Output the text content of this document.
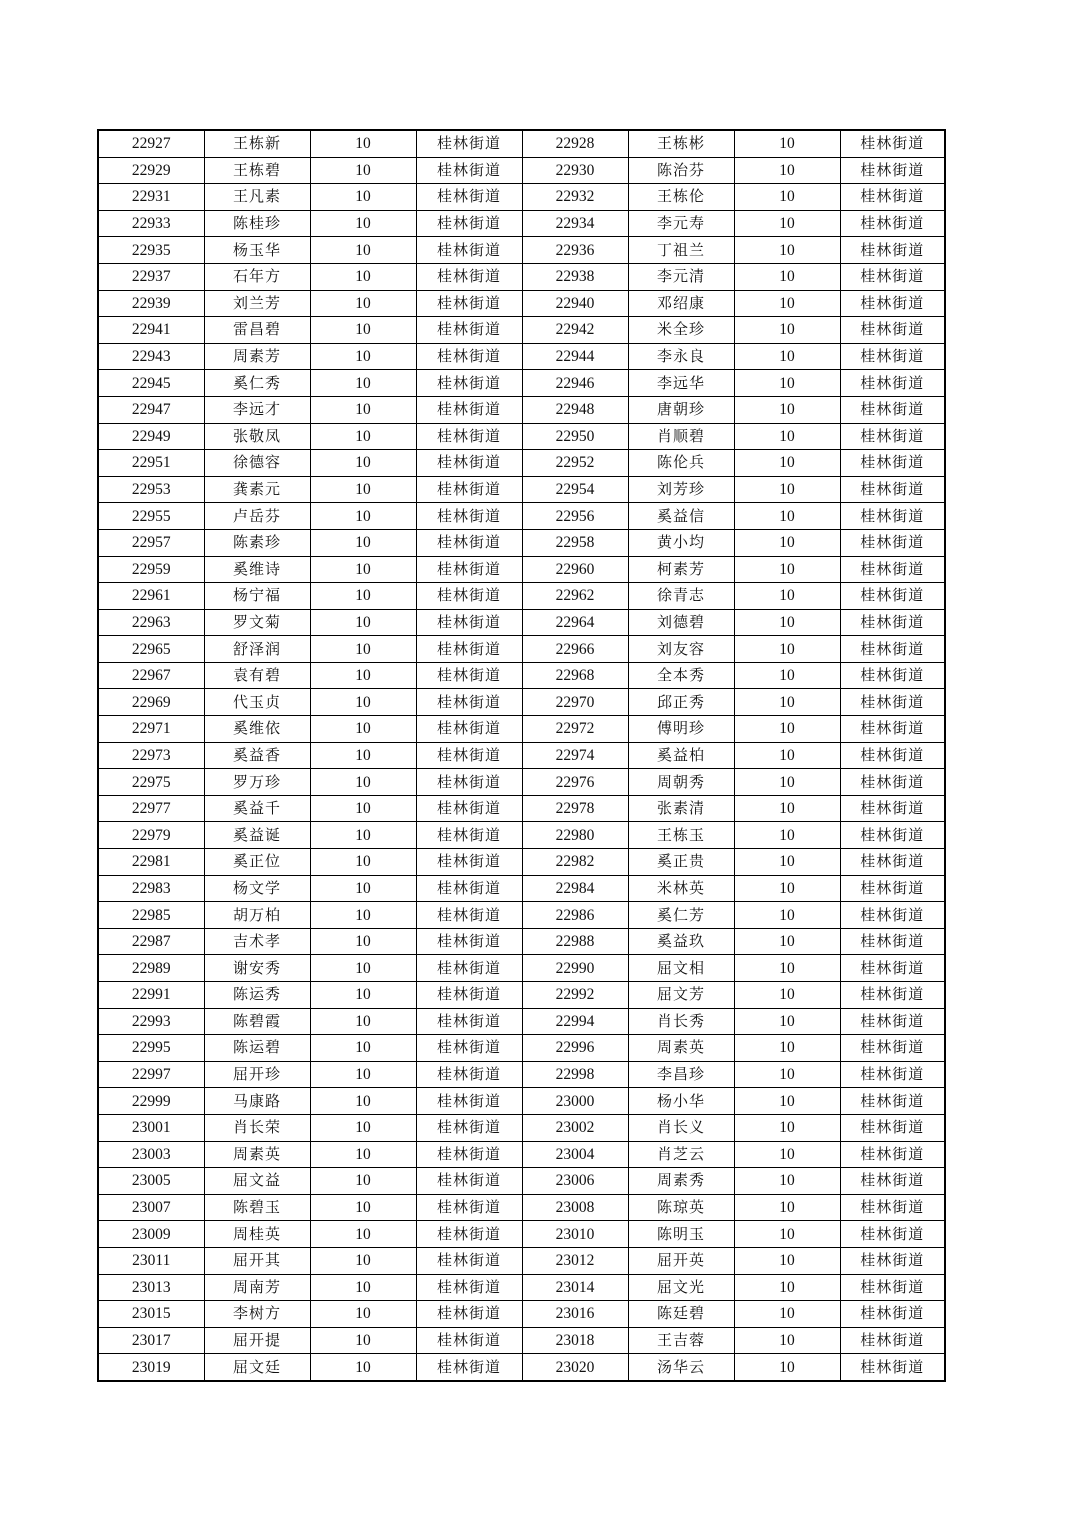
22927	王栋新	10	桂林街道	22928	王栋彬	10	桂林街道
22929	王栋碧	10	桂林街道	22930	陈治芬	10	桂林街道
22931	王凡素	10	桂林街道	22932	王栋伦	10	桂林街道
22933	陈桂珍	10	桂林街道	22934	李元寿	10	桂林街道
22935	杨玉华	10	桂林街道	22936	丁祖兰	10	桂林街道
22937	石年方	10	桂林街道	22938	李元清	10	桂林街道
22939	刘兰芳	10	桂林街道	22940	邓绍康	10	桂林街道
22941	雷昌碧	10	桂林街道	22942	米全珍	10	桂林街道
22943	周素芳	10	桂林街道	22944	李永良	10	桂林街道
22945	奚仁秀	10	桂林街道	22946	李远华	10	桂林街道
22947	李远才	10	桂林街道	22948	唐朝珍	10	桂林街道
22949	张敬凤	10	桂林街道	22950	肖顺碧	10	桂林街道
22951	徐德容	10	桂林街道	22952	陈伦兵	10	桂林街道
22953	龚素元	10	桂林街道	22954	刘芳珍	10	桂林街道
22955	卢岳芬	10	桂林街道	22956	奚益信	10	桂林街道
22957	陈素珍	10	桂林街道	22958	黄小均	10	桂林街道
22959	奚维诗	10	桂林街道	22960	柯素芳	10	桂林街道
22961	杨宁福	10	桂林街道	22962	徐青志	10	桂林街道
22963	罗文菊	10	桂林街道	22964	刘德碧	10	桂林街道
22965	舒泽润	10	桂林街道	22966	刘友容	10	桂林街道
22967	袁有碧	10	桂林街道	22968	全本秀	10	桂林街道
22969	代玉贞	10	桂林街道	22970	邱正秀	10	桂林街道
22971	奚维依	10	桂林街道	22972	傅明珍	10	桂林街道
22973	奚益香	10	桂林街道	22974	奚益柏	10	桂林街道
22975	罗万珍	10	桂林街道	22976	周朝秀	10	桂林街道
22977	奚益千	10	桂林街道	22978	张素清	10	桂林街道
22979	奚益诞	10	桂林街道	22980	王栋玉	10	桂林街道
22981	奚正位	10	桂林街道	22982	奚正贵	10	桂林街道
22983	杨文学	10	桂林街道	22984	米林英	10	桂林街道
22985	胡万柏	10	桂林街道	22986	奚仁芳	10	桂林街道
22987	吉术孝	10	桂林街道	22988	奚益玖	10	桂林街道
22989	谢安秀	10	桂林街道	22990	屈文相	10	桂林街道
22991	陈运秀	10	桂林街道	22992	屈文芳	10	桂林街道
22993	陈碧霞	10	桂林街道	22994	肖长秀	10	桂林街道
22995	陈运碧	10	桂林街道	22996	周素英	10	桂林街道
22997	屈开珍	10	桂林街道	22998	李昌珍	10	桂林街道
22999	马康路	10	桂林街道	23000	杨小华	10	桂林街道
23001	肖长荣	10	桂林街道	23002	肖长义	10	桂林街道
23003	周素英	10	桂林街道	23004	肖芝云	10	桂林街道
23005	屈文益	10	桂林街道	23006	周素秀	10	桂林街道
23007	陈碧玉	10	桂林街道	23008	陈琼英	10	桂林街道
23009	周桂英	10	桂林街道	23010	陈明玉	10	桂林街道
23011	屈开其	10	桂林街道	23012	屈开英	10	桂林街道
23013	周南芳	10	桂林街道	23014	屈文光	10	桂林街道
23015	李树方	10	桂林街道	23016	陈廷碧	10	桂林街道
23017	屈开提	10	桂林街道	23018	王吉蓉	10	桂林街道
23019	屈文廷	10	桂林街道	23020	汤华云	10	桂林街道
